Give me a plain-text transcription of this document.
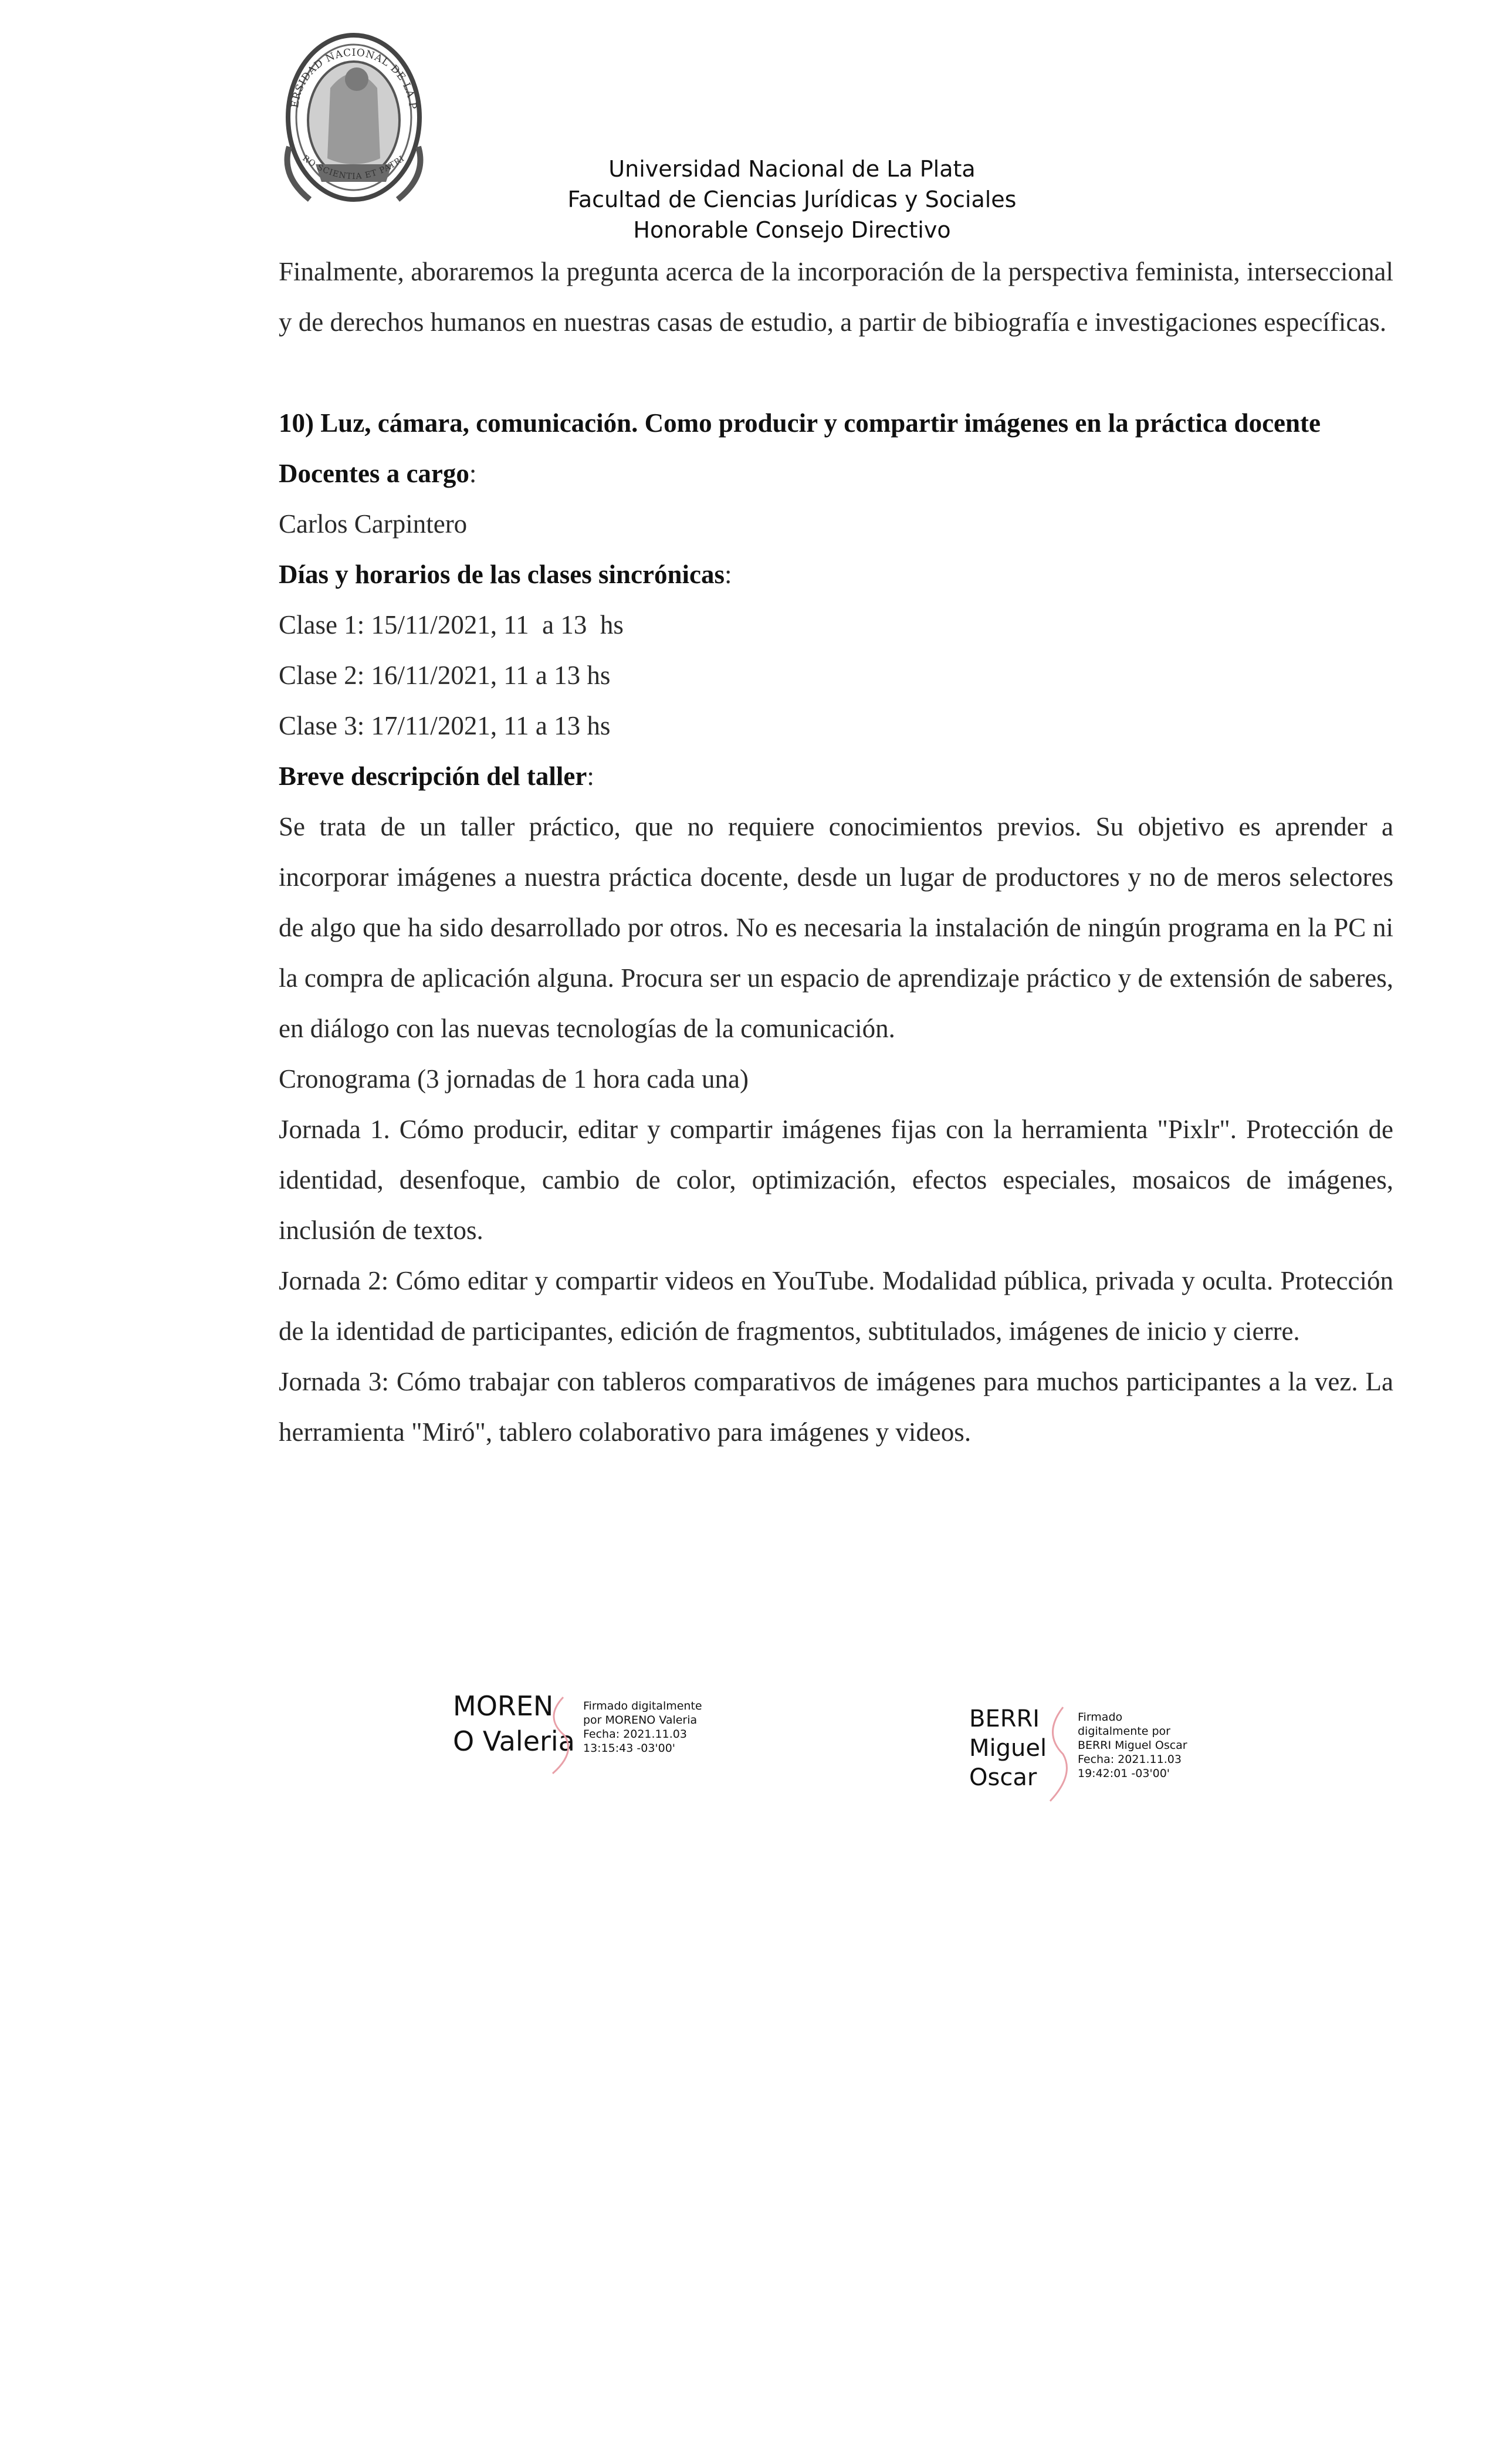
ERSIDAD NACIONAL DE LA P
RO SCIENTIA ET PATRI	Universidad Nacional de La Plata
Facultad de Ciencias Jurídicas y Sociales
Honorable Consejo Directivo

Finalmente, aboraremos la pregunta acerca de la incorporación de la perspectiva feminista, interseccional y de derechos humanos en nuestras casas de estudio, a partir de bibiografía e investigaciones específicas.

10) Luz, cámara, comunicación. Como producir y compartir imágenes en la práctica docente

Docentes a cargo:

Carlos Carpintero

Días y horarios de las clases sincrónicas:

Clase 1: 15/11/2021, 11  a 13  hs

Clase 2: 16/11/2021, 11 a 13 hs

Clase 3: 17/11/2021, 11 a 13 hs

Breve descripción del taller:

Se trata de un taller práctico, que no requiere conocimientos previos. Su objetivo es aprender a incorporar imágenes a nuestra práctica docente, desde un lugar de productores y no de meros selectores de algo que ha sido desarrollado por otros. No es necesaria la instalación de ningún programa en la PC ni la compra de aplicación alguna. Procura ser un espacio de aprendizaje práctico y de extensión de saberes, en diálogo con las nuevas tecnologías de la comunicación.

Cronograma (3 jornadas de 1 hora cada una)

Jornada 1. Cómo producir, editar y compartir imágenes fijas con la herramienta "Pixlr". Protección de identidad, desenfoque, cambio de color, optimización, efectos especiales, mosaicos de imágenes, inclusión de textos.

Jornada 2: Cómo editar y compartir videos en YouTube. Modalidad pública, privada y oculta. Protección de la identidad de participantes, edición de fragmentos, subtitulados, imágenes de inicio y cierre.

Jornada 3: Cómo trabajar con tableros comparativos de imágenes para muchos participantes a la vez. La herramienta "Miró", tablero colaborativo para imágenes y videos.

MOREN
O Valeria
Firmado digitalmente
por MORENO Valeria
Fecha: 2021.11.03
13:15:43 -03'00'
BERRI
Miguel
Oscar
Firmado
digitalmente por
BERRI Miguel Oscar
Fecha: 2021.11.03
19:42:01 -03'00'
